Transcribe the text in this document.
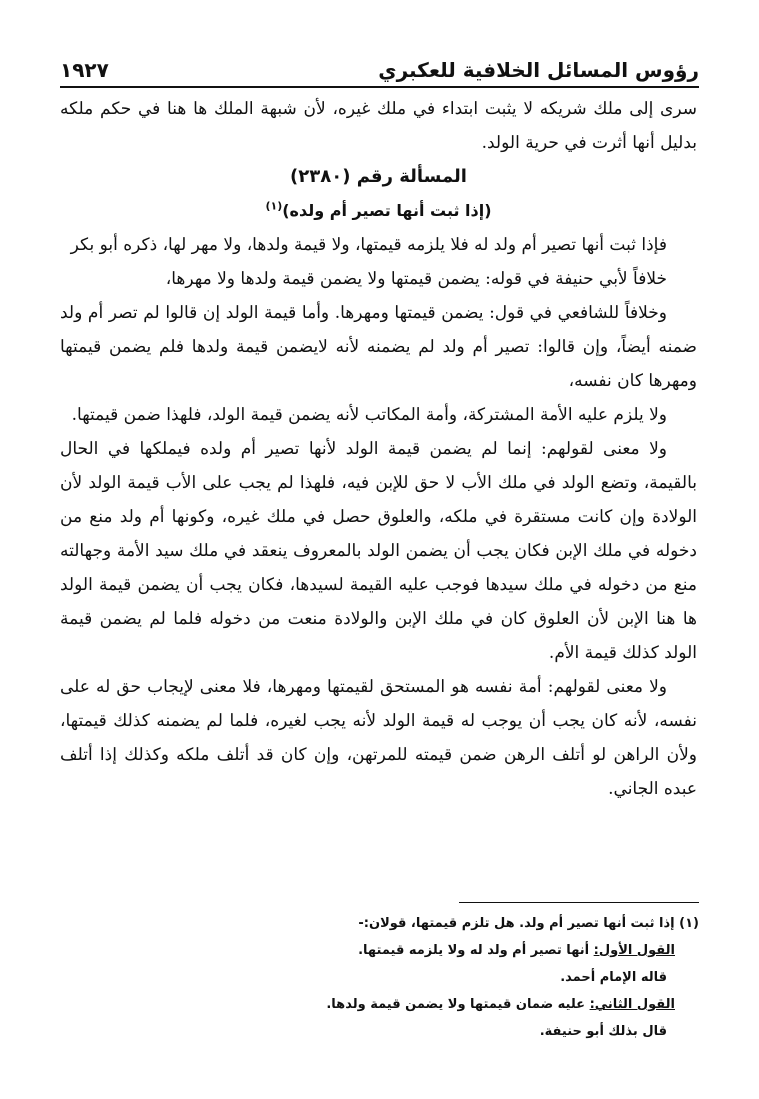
رؤوس المسائل الخلافية للعكبري
١٩٢٧

سرى إلى ملك شريكه لا يثبت ابتداء في ملك غيره، لأن شبهة الملك ها هنا في حكم ملكه بدليل أنها أثرت في حرية الولد.

المسألة رقم (٢٣٨٠)

(إذا ثبت أنها تصير أم ولده)$^{(١)}$

فإذا ثبت أنها تصير أم ولد له فلا يلزمه قيمتها، ولا قيمة ولدها، ولا مهر لها، ذكره أبو بكر

خلافاً لأبي حنيفة في قوله: يضمن قيمتها ولا يضمن قيمة ولدها ولا مهرها،

وخلافاً للشافعي في قول: يضمن قيمتها ومهرها. وأما قيمة الولد إن قالوا لم تصر أم ولد ضمنه أيضاً، وإن قالوا: تصير أم ولد لم يضمنه لأنه لايضمن قيمة ولدها فلم يضمن قيمتها ومهرها كان نفسه،

ولا يلزم عليه الأمة المشتركة، وأمة المكاتب لأنه يضمن قيمة الولد، فلهذا ضمن قيمتها.

ولا معنى لقولهم: إنما لم يضمن قيمة الولد لأنها تصير أم ولده فيملكها في الحال بالقيمة، وتضع الولد في ملك الأب لا حق للإبن فيه، فلهذا لم يجب على الأب قيمة الولد لأن الولادة وإن كانت مستقرة في ملكه، والعلوق حصل في ملك غيره، وكونها أم ولد منع من دخوله في ملك الإبن فكان يجب أن يضمن الولد بالمعروف ينعقد في ملك سيد الأمة وجهالته منع من دخوله في ملك سيدها فوجب عليه القيمة لسيدها، فكان يجب أن يضمن قيمة الولد ها هنا الإبن لأن العلوق كان في ملك الإبن والولادة منعت من دخوله فلما لم يضمن قيمة الولد كذلك قيمة الأم.

ولا معنى لقولهم: أمة نفسه هو المستحق لقيمتها ومهرها، فلا معنى لإيجاب حق له على نفسه، لأنه كان يجب أن يوجب له قيمة الولد لأنه يجب لغيره، فلما لم يضمنه كذلك قيمتها، ولأن الراهن لو أتلف الرهن ضمن قيمته للمرتهن، وإن كان قد أتلف ملكه وكذلك إذا أتلف عبده الجاني.

(١) إذا ثبت أنها تصير أم ولد. هل تلزم قيمتها، قولان:-

القول الأول: أنها تصير أم ولد له ولا يلزمه قيمتها.

قاله الإمام أحمد.

القول الثاني: عليه ضمان قيمتها ولا يضمن قيمة ولدها.

قال بذلك أبو حنيفة.
